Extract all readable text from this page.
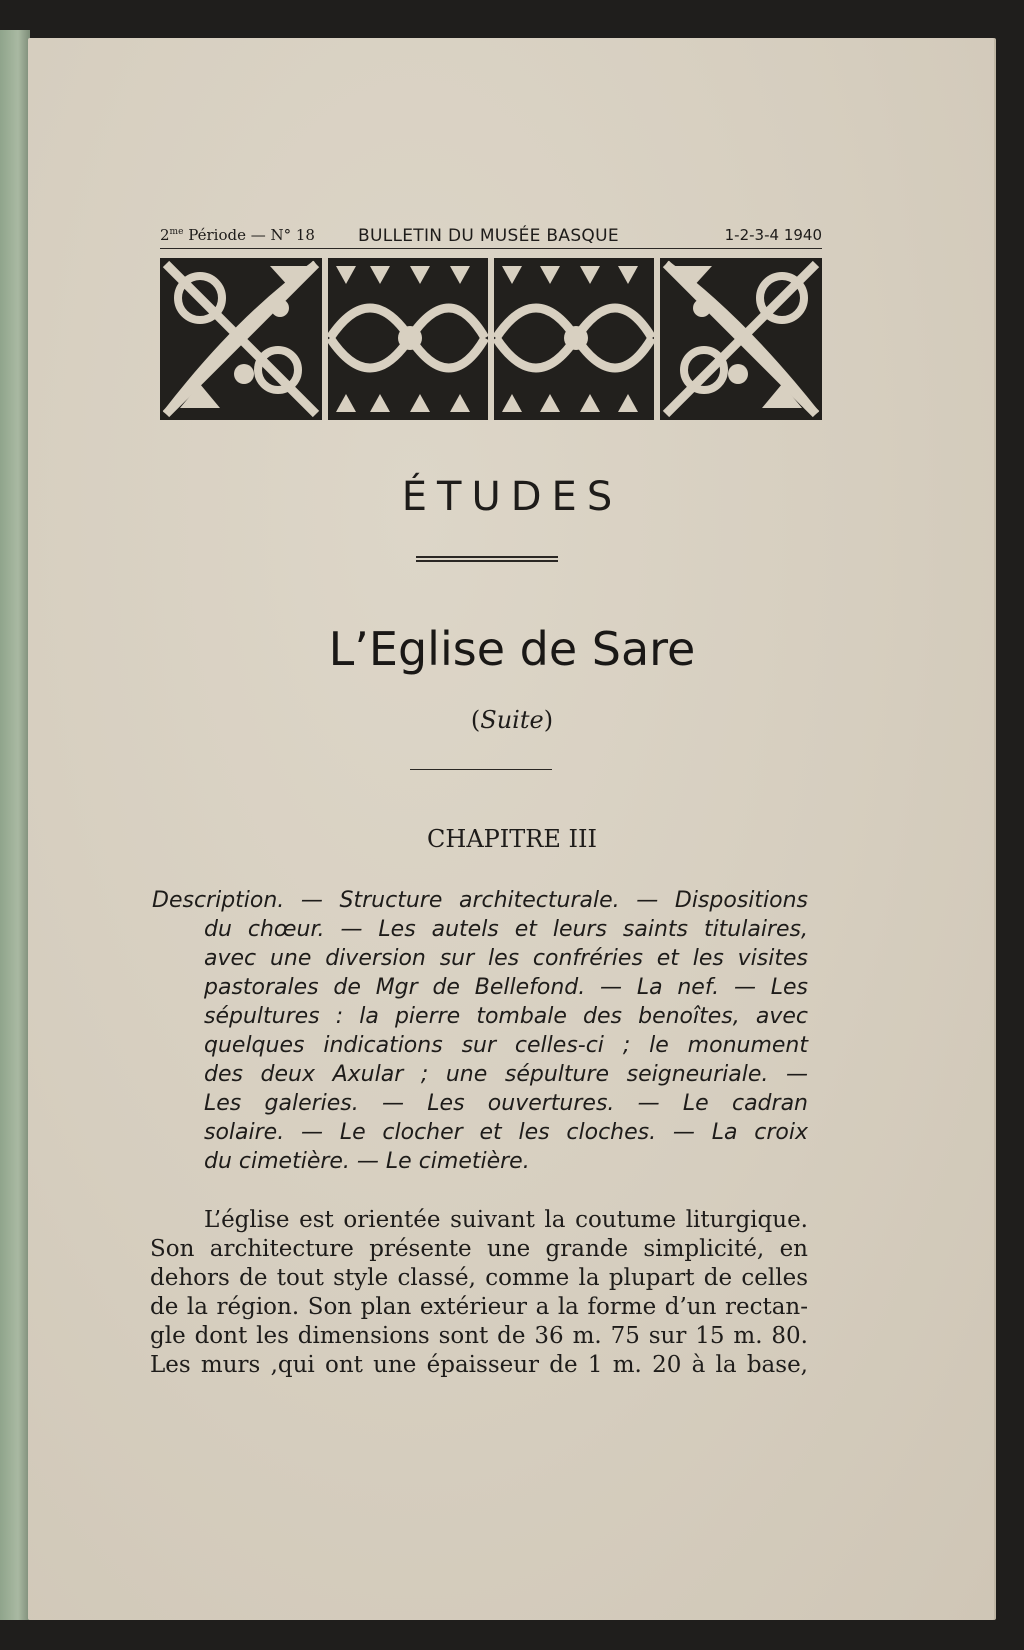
$2^{me}$ Période — N° 18	BULLETIN DU MUSÉE BASQUE	1-2-3-4 1940
ÉTUDES
L’Eglise de Sare
(Suite)
CHAPITRE III
Description. — Structure architecturale. — Dispositions
du chœur. — Les autels et leurs saints titulaires,
avec une diversion sur les confréries et les visites
pastorales de Mgr de Bellefond. — La nef. — Les
sépultures : la pierre tombale des benoîtes, avec
quelques indications sur celles-ci ; le monument
des deux Axular ; une sépulture seigneuriale. —
Les galeries. — Les ouvertures. — Le cadran
solaire. — Le clocher et les cloches. — La croix
du cimetière. — Le cimetière.
L’église est orientée suivant la coutume liturgique.
Son architecture présente une grande simplicité, en
dehors de tout style classé, comme la plupart de celles
de la région. Son plan extérieur a la forme d’un rectan-
gle dont les dimensions sont de 36 m. 75 sur 15 m. 80.
Les murs ,qui ont une épaisseur de 1 m. 20 à la base,
